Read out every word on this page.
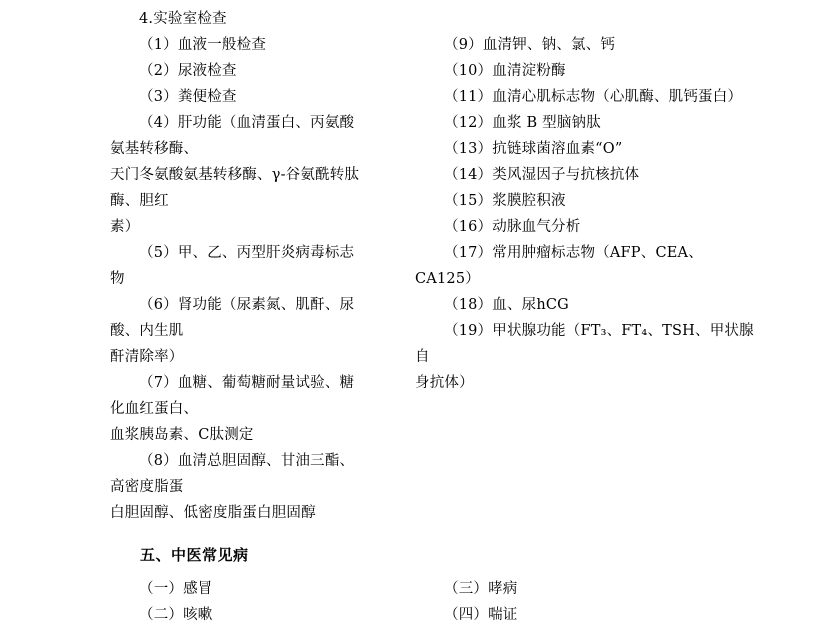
4.实验室检查
（1）血液一般检查
（2）尿液检查
（3）粪便检查
（4）肝功能（血清蛋白、丙氨酸氨基转移酶、
天门冬氨酸氨基转移酶、γ-谷氨酰转肽酶、胆红
素）
（5）甲、乙、丙型肝炎病毒标志物
（6）肾功能（尿素氮、肌酐、尿酸、内生肌
酐清除率）
（7）血糖、葡萄糖耐量试验、糖化血红蛋白、
血浆胰岛素、C肽测定
（8）血清总胆固醇、甘油三酯、高密度脂蛋
白胆固醇、低密度脂蛋白胆固醇
（9）血清钾、钠、氯、钙
（10）血清淀粉酶
（11）血清心肌标志物（心肌酶、肌钙蛋白）
（12）血浆 B 型脑钠肽
（13）抗链球菌溶血素“O”
（14）类风湿因子与抗核抗体
（15）浆膜腔积液
（16）动脉血气分析
（17）常用肿瘤标志物（AFP、CEA、CA125）
（18）血、尿hCG
（19）甲状腺功能（FT₃、FT₄、TSH、甲状腺自
身抗体）
五、中医常见病
（一）感冒
（二）咳嗽
（三）哮病
（四）喘证
